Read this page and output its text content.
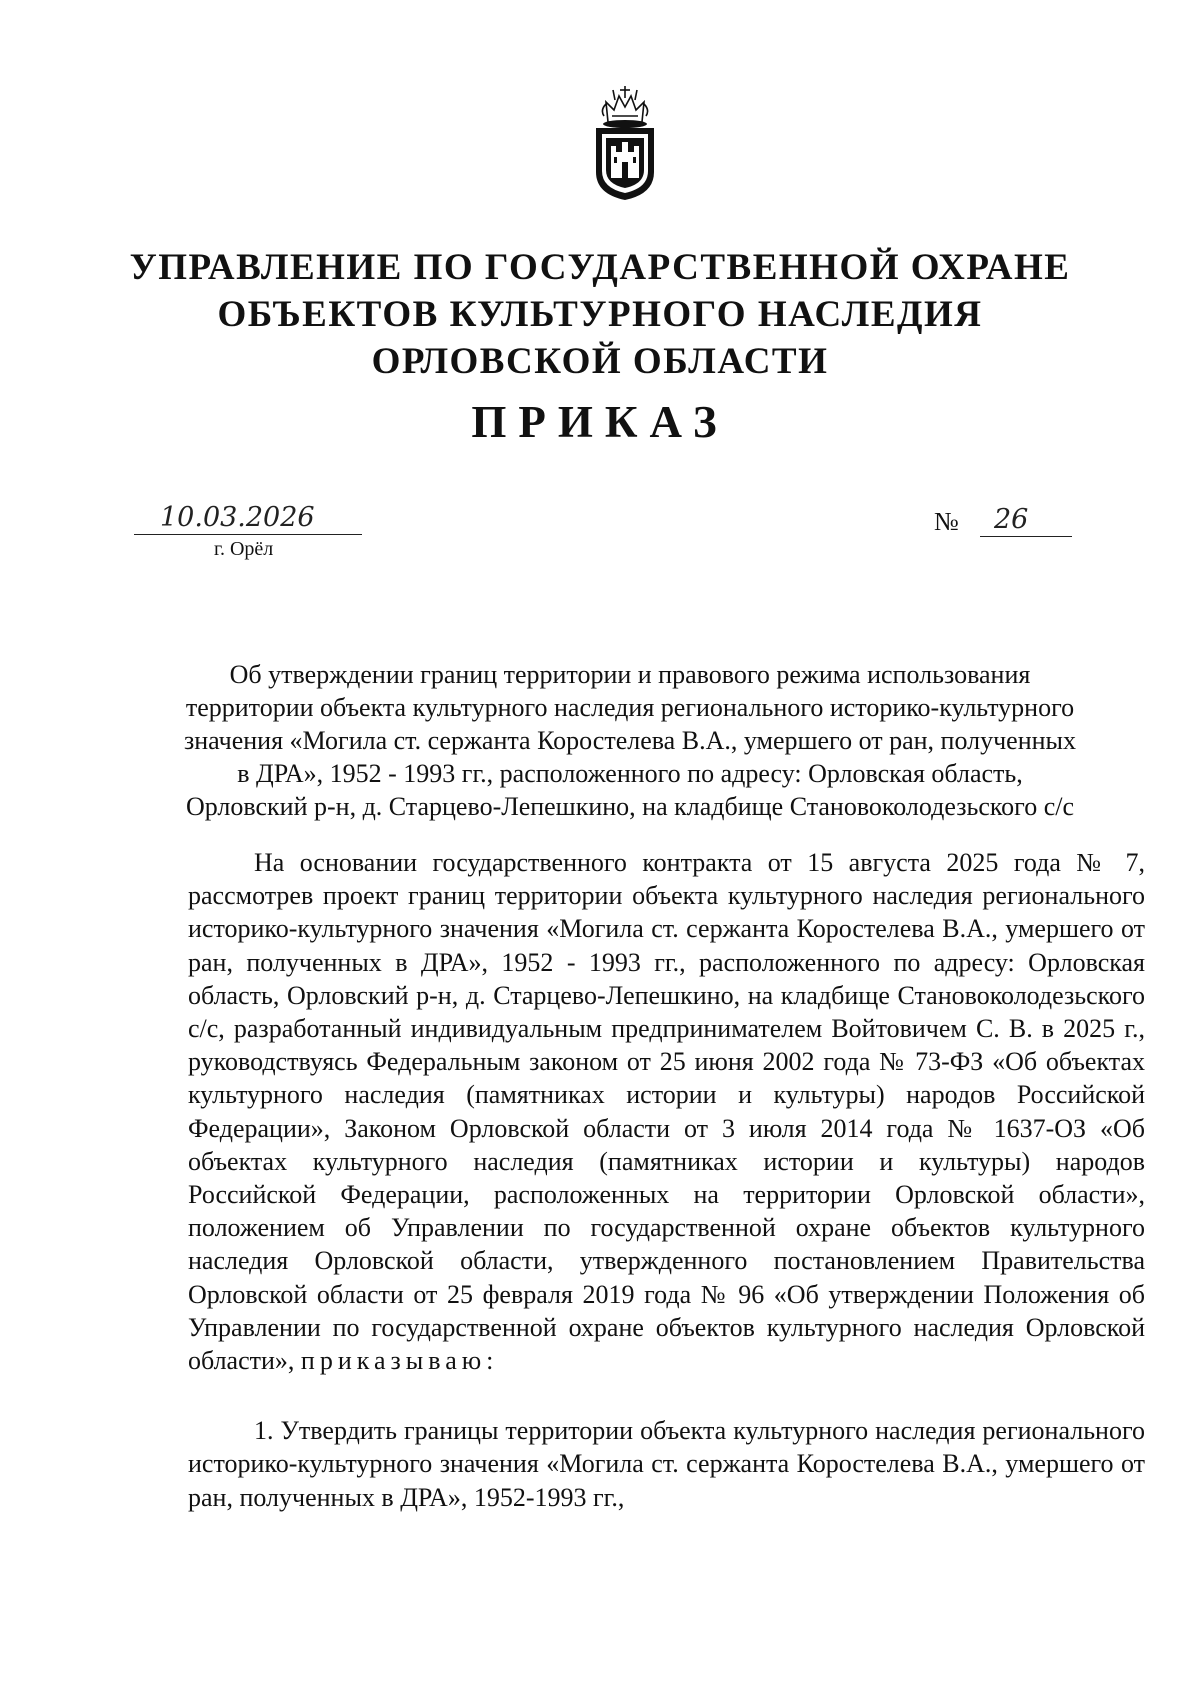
УПРАВЛЕНИЕ ПО ГОСУДАРСТВЕННОЙ ОХРАНЕ
ОБЪЕКТОВ КУЛЬТУРНОГО НАСЛЕДИЯ
ОРЛОВСКОЙ ОБЛАСТИ
ПРИКАЗ
10.03.2026
г. Орёл
№ 26
Об утверждении границ территории и правового режима использования
территории объекта культурного наследия регионального историко-культурного
значения «Могила ст. сержанта Коростелева В.А., умершего от ран, полученных
в ДРА», 1952 - 1993 гг., расположенного по адресу: Орловская область,
Орловский р-н, д. Старцево-Лепешкино, на кладбище Становоколодезьского с/с

На основании государственного контракта от 15 августа 2025 года № 7, рассмотрев проект границ территории объекта культурного наследия регионального историко-культурного значения «Могила ст. сержанта Коростелева В.А., умершего от ран, полученных в ДРА», 1952 - 1993 гг., расположенного по адресу: Орловская область, Орловский р-н, д. Старцево-Лепешкино, на кладбище Становоколодезьского с/с, разработанный индивидуальным предпринимателем Войтовичем С. В. в 2025 г., руководствуясь Федеральным законом от 25 июня 2002 года № 73-ФЗ «Об объектах культурного наследия (памятниках истории и культуры) народов Российской Федерации», Законом Орловской области от 3 июля 2014 года № 1637-ОЗ «Об объектах культурного наследия (памятниках истории и культуры) народов Российской Федерации, расположенных на территории Орловской области», положением об Управлении по государственной охране объектов культурного наследия Орловской области, утвержденного постановлением Правительства Орловской области от 25 февраля 2019 года № 96 «Об утверждении Положения об Управлении по государственной охране объектов культурного наследия Орловской области», приказываю:

1. Утвердить границы территории объекта культурного наследия регионального историко-культурного значения «Могила ст. сержанта Коростелева В.А., умершего от ран, полученных в ДРА», 1952-1993 гг.,
